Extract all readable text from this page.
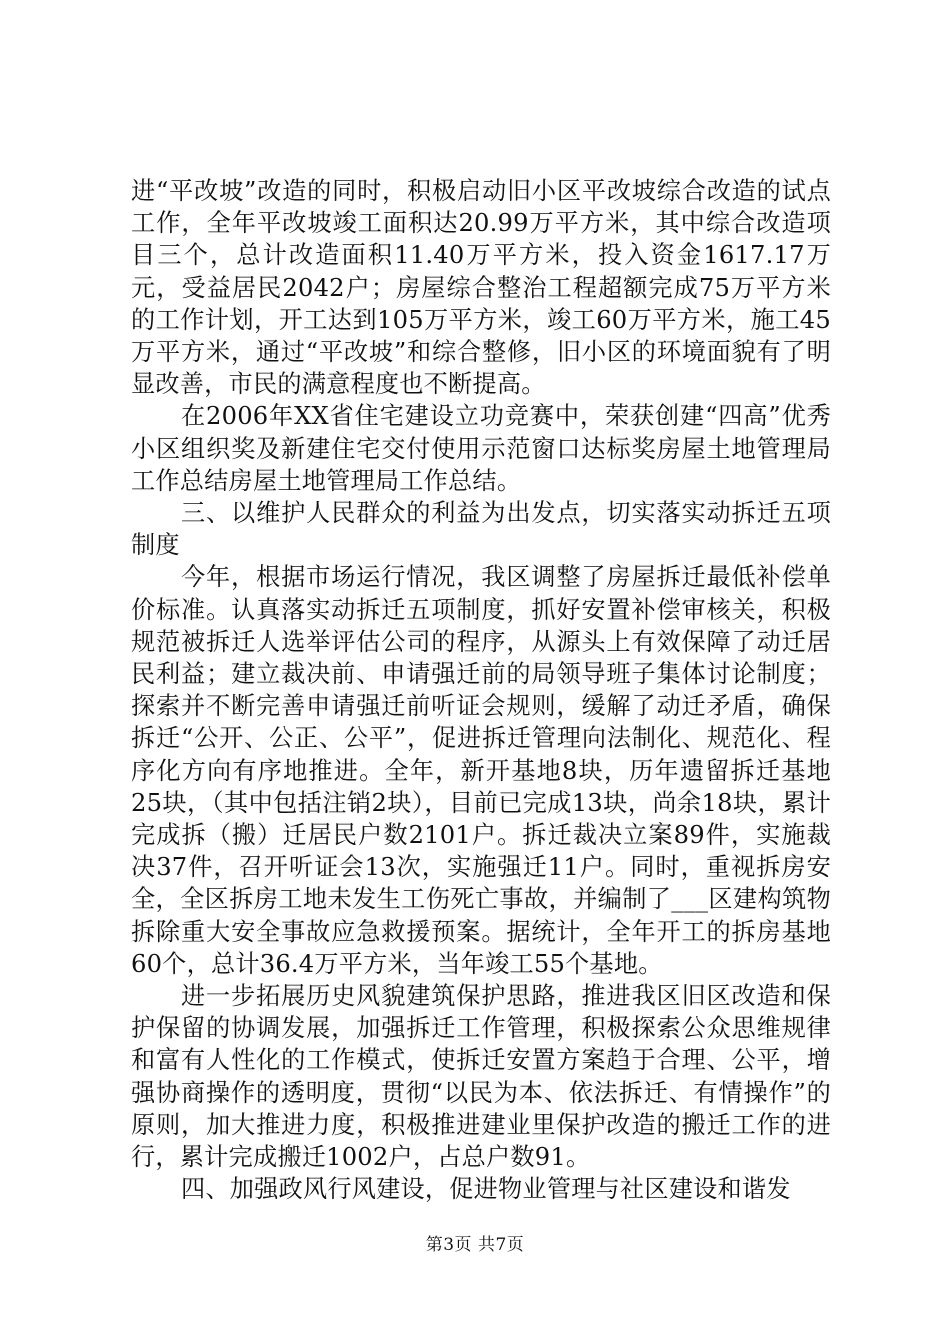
进“平改坡”改造的同时，积极启动旧小区平改坡综合改造的试点工作，全年平改坡竣工面积达20.99万平方米，其中综合改造项目三个，总计改造面积11.40万平方米，投入资金1617.17万元，受益居民2042户；房屋综合整治工程超额完成75万平方米的工作计划，开工达到105万平方米，竣工60万平方米，施工45万平方米，通过“平改坡”和综合整修，旧小区的环境面貌有了明显改善，市民的满意程度也不断提高。

在2006年XX省住宅建设立功竞赛中，荣获创建“四高”优秀小区组织奖及新建住宅交付使用示范窗口达标奖房屋土地管理局工作总结房屋土地管理局工作总结。

三、以维护人民群众的利益为出发点，切实落实动拆迁五项制度

今年，根据市场运行情况，我区调整了房屋拆迁最低补偿单价标准。认真落实动拆迁五项制度，抓好安置补偿审核关，积极规范被拆迁人选举评估公司的程序，从源头上有效保障了动迁居民利益；建立裁决前、申请强迁前的局领导班子集体讨论制度；探索并不断完善申请强迁前听证会规则，缓解了动迁矛盾，确保拆迁“公开、公正、公平”，促进拆迁管理向法制化、规范化、程序化方向有序地推进。全年，新开基地8块，历年遗留拆迁基地25块，（其中包括注销2块），目前已完成13块，尚余18块，累计完成拆（搬）迁居民户数2101户。拆迁裁决立案89件，实施裁决37件，召开听证会13次，实施强迁11户。同时，重视拆房安全，全区拆房工地未发生工伤死亡事故，并编制了___区建构筑物拆除重大安全事故应急救援预案。据统计，全年开工的拆房基地60个，总计36.4万平方米，当年竣工55个基地。

进一步拓展历史风貌建筑保护思路，推进我区旧区改造和保护保留的协调发展，加强拆迁工作管理，积极探索公众思维规律和富有人性化的工作模式，使拆迁安置方案趋于合理、公平，增强协商操作的透明度，贯彻“以民为本、依法拆迁、有情操作”的原则，加大推进力度，积极推进建业里保护改造的搬迁工作的进行，累计完成搬迁1002户，占总户数91。

四、加强政风行风建设，促进物业管理与社区建设和谐发

第3页 共7页
